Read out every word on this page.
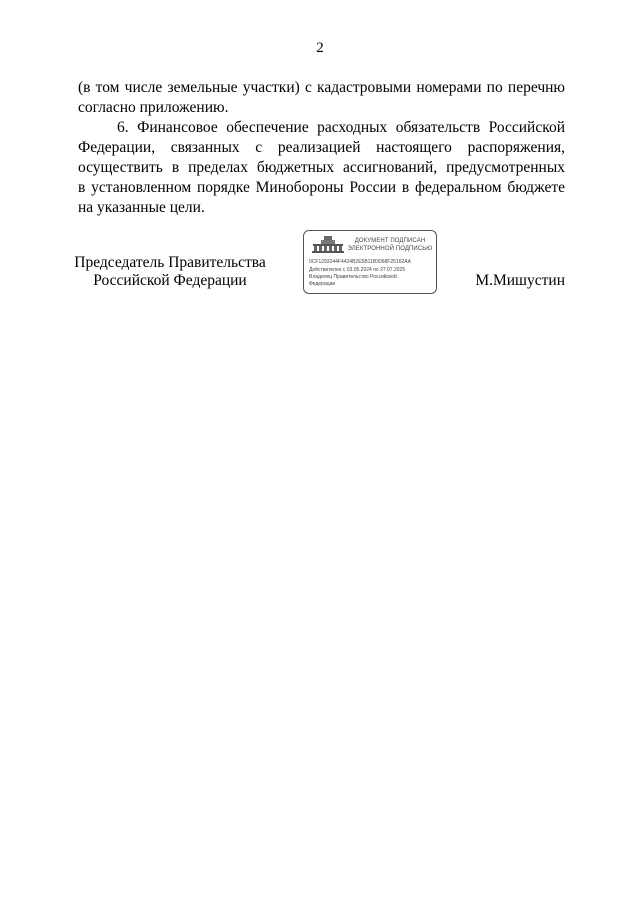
2
(в том числе земельные участки) с кадастровыми номерами по перечню
согласно приложению.
6. Финансовое обеспечение расходных обязательств Российской
Федерации, связанных с реализацией настоящего распоряжения,
осуществить в пределах бюджетных ассигнований, предусмотренных
в установленном порядке Минобороны России в федеральном бюджете
на указанные цели.
Председатель Правительства
Российской Федерации
ДОКУМЕНТ ПОДПИСАН
ЭЛЕКТРОННОЙ ПОДПИСЬЮ
0CF1293244F4424B2E5B11B3068F25162AA
Действителен с 03.05.2024 по 27.07.2025
Владелец Правительство Российской
Федерации	М.Мишустин
